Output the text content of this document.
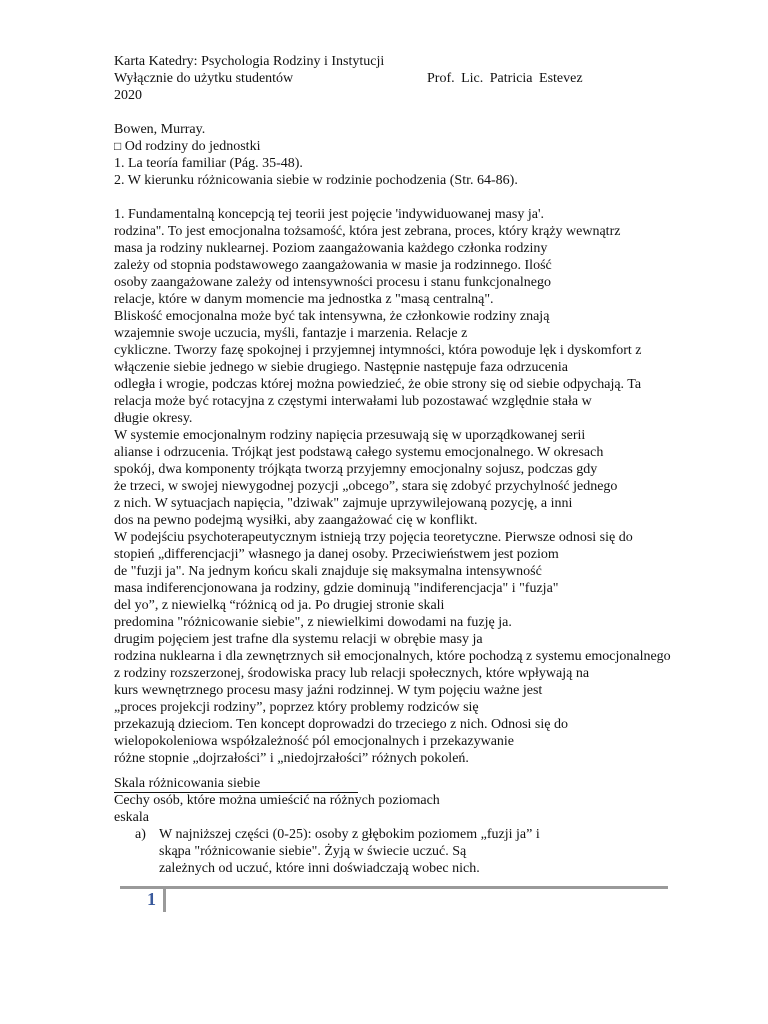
Karta Katedry: Psychologia Rodziny i Instytucji
Wyłącznie do użytku studentów	Prof. Lic. Patricia Estevez
2020
Bowen, Murray.
□ Od rodziny do jednostki
1. La teoría familiar (Pág. 35-48).
2. W kierunku różnicowania siebie w rodzinie pochodzenia (Str. 64-86).
1. Fundamentalną koncepcją tej teorii jest pojęcie 'indywiduowanej masy ja'.
rodzina''. To jest emocjonalna tożsamość, która jest zebrana, proces, który krąży wewnątrz
masa ja rodziny nuklearnej. Poziom zaangażowania każdego członka rodziny
zależy od stopnia podstawowego zaangażowania w masie ja rodzinnego. Ilość
osoby zaangażowane zależy od intensywności procesu i stanu funkcjonalnego
relacje, które w danym momencie ma jednostka z "masą centralną".
Bliskość emocjonalna może być tak intensywna, że członkowie rodziny znają
wzajemnie swoje uczucia, myśli, fantazje i marzenia. Relacje z
cykliczne. Tworzy fazę spokojnej i przyjemnej intymności, która powoduje lęk i dyskomfort z
włączenie siebie jednego w siebie drugiego. Następnie następuje faza odrzucenia
odległa i wrogie, podczas której można powiedzieć, że obie strony się od siebie odpychają. Ta
relacja może być rotacyjna z częstymi interwałami lub pozostawać względnie stała w
długie okresy.
W systemie emocjonalnym rodziny napięcia przesuwają się w uporządkowanej serii
alianse i odrzucenia. Trójkąt jest podstawą całego systemu emocjonalnego. W okresach
spokój, dwa komponenty trójkąta tworzą przyjemny emocjonalny sojusz, podczas gdy
że trzeci, w swojej niewygodnej pozycji „obcego”, stara się zdobyć przychylność jednego
z nich. W sytuacjach napięcia, "dziwak" zajmuje uprzywilejowaną pozycję, a inni
dos na pewno podejmą wysiłki, aby zaangażować cię w konflikt.
W podejściu psychoterapeutycznym istnieją trzy pojęcia teoretyczne. Pierwsze odnosi się do
stopień „differencjacji” własnego ja danej osoby. Przeciwieństwem jest poziom
de "fuzji ja". Na jednym końcu skali znajduje się maksymalna intensywność
masa indiferencjonowana ja rodziny, gdzie dominują "indiferencjacja" i "fuzja"
del yo”, z niewielką “różnicą od ja. Po drugiej stronie skali
predomina "różnicowanie siebie", z niewielkimi dowodami na fuzję ja.
drugim pojęciem jest trafne dla systemu relacji w obrębie masy ja
rodzina nuklearna i dla zewnętrznych sił emocjonalnych, które pochodzą z systemu emocjonalnego
z rodziny rozszerzonej, środowiska pracy lub relacji społecznych, które wpływają na
kurs wewnętrznego procesu masy jaźni rodzinnej. W tym pojęciu ważne jest
„proces projekcji rodziny”, poprzez który problemy rodziców się
przekazują dzieciom. Ten koncept doprowadzi do trzeciego z nich. Odnosi się do
wielopokoleniowa współzależność pól emocjonalnych i przekazywanie
różne stopnie „dojrzałości” i „niedojrzałości” różnych pokoleń.
Skala różnicowania siebie
Cechy osób, które można umieścić na różnych poziomach
eskala
a) W najniższej części (0-25): osoby z głębokim poziomem „fuzji ja” i
skąpa "różnicowanie siebie". Żyją w świecie uczuć. Są
zależnych od uczuć, które inni doświadczają wobec nich.
1
